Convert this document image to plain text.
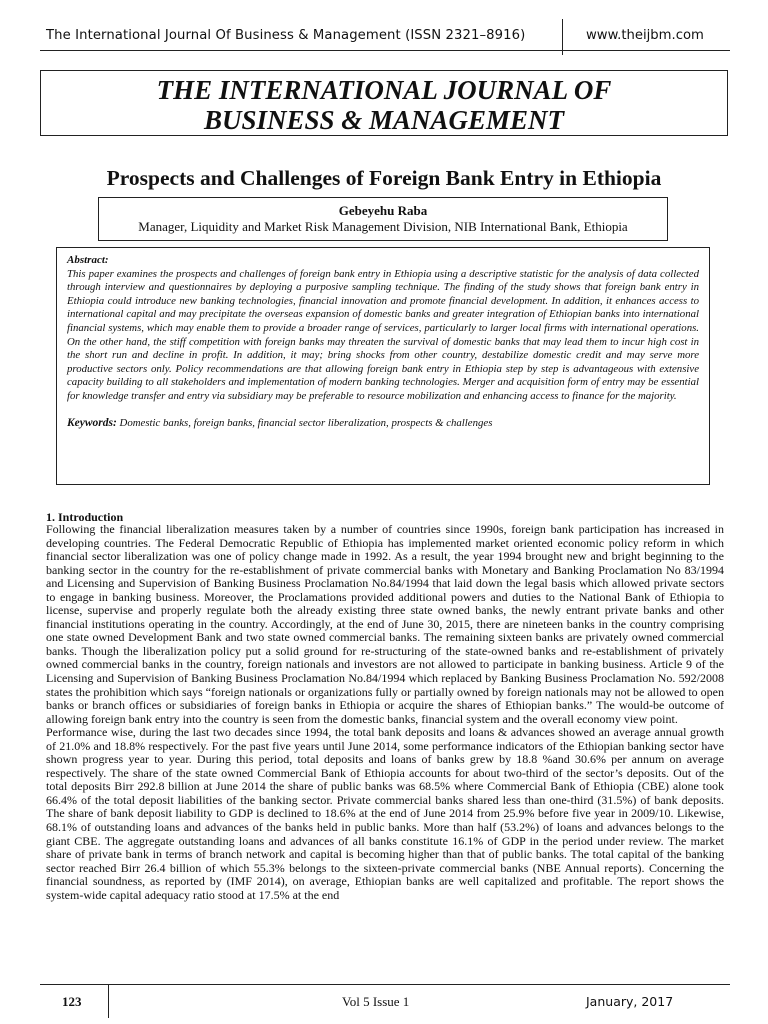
The International Journal Of Business & Management (ISSN 2321–8916)	www.theijbm.com
THE INTERNATIONAL JOURNAL OF
BUSINESS & MANAGEMENT
Prospects and Challenges of Foreign Bank Entry in Ethiopia
Gebeyehu Raba
Manager, Liquidity and Market Risk Management Division, NIB International Bank, Ethiopia
Abstract:
This paper examines the prospects and challenges of foreign bank entry in Ethiopia using a descriptive statistic for the analysis of data collected through interview and questionnaires by deploying a purposive sampling technique. The finding of the study shows that foreign bank entry in Ethiopia could introduce new banking technologies, financial innovation and promote financial development. In addition, it enhances access to international capital and may precipitate the overseas expansion of domestic banks and greater integration of Ethiopian banks into international financial systems, which may enable them to provide a broader range of services, particularly to larger local firms with international operations. On the other hand, the stiff competition with foreign banks may threaten the survival of domestic banks that may lead them to incur high cost in the short run and decline in profit. In addition, it may; bring shocks from other country, destabilize domestic credit and may serve more productive sectors only. Policy recommendations are that allowing foreign bank entry in Ethiopia step by step is advantageous with extensive capacity building to all stakeholders and implementation of modern banking technologies. Merger and acquisition form of entry may be essential for knowledge transfer and entry via subsidiary may be preferable to resource mobilization and enhancing access to finance for the majority.
Keywords: Domestic banks, foreign banks, financial sector liberalization, prospects & challenges
1. Introduction

Following the financial liberalization measures taken by a number of countries since 1990s, foreign bank participation has increased in developing countries. The Federal Democratic Republic of Ethiopia has implemented market oriented economic policy reform in which financial sector liberalization was one of policy change made in 1992. As a result, the year 1994 brought new and bright beginning to the banking sector in the country for the re-establishment of private commercial banks with Monetary and Banking Proclamation No 83/1994 and Licensing and Supervision of Banking Business Proclamation No.84/1994 that laid down the legal basis which allowed private sectors to engage in banking business. Moreover, the Proclamations provided additional powers and duties to the National Bank of Ethiopia to license, supervise and properly regulate both the already existing three state owned banks, the newly entrant private banks and other financial institutions operating in the country. Accordingly, at the end of June 30, 2015, there are nineteen banks in the country comprising one state owned Development Bank and two state owned commercial banks. The remaining sixteen banks are privately owned commercial banks. Though the liberalization policy put a solid ground for re-structuring of the state-owned banks and re-establishment of privately owned commercial banks in the country, foreign nationals and investors are not allowed to participate in banking business. Article 9 of the Licensing and Supervision of Banking Business Proclamation No.84/1994 which replaced by Banking Business Proclamation No. 592/2008 states the prohibition which says “foreign nationals or organizations fully or partially owned by foreign nationals may not be allowed to open banks or branch offices or subsidiaries of foreign banks in Ethiopia or acquire the shares of Ethiopian banks.” The would-be outcome of allowing foreign bank entry into the country is seen from the domestic banks, financial system and the overall economy view point.

Performance wise, during the last two decades since 1994, the total bank deposits and loans & advances showed an average annual growth of 21.0% and 18.8% respectively. For the past five years until June 2014, some performance indicators of the Ethiopian banking sector have shown progress year to year. During this period, total deposits and loans of banks grew by 18.8 %and 30.6% per annum on average respectively. The share of the state owned Commercial Bank of Ethiopia accounts for about two-third of the sector’s deposits. Out of the total deposits Birr 292.8 billion at June 2014 the share of public banks was 68.5% where Commercial Bank of Ethiopia (CBE) alone took 66.4% of the total deposit liabilities of the banking sector. Private commercial banks shared less than one-third (31.5%) of bank deposits. The share of bank deposit liability to GDP is declined to 18.6% at the end of June 2014 from 25.9% before five year in 2009/10. Likewise, 68.1% of outstanding loans and advances of the banks held in public banks. More than half (53.2%) of loans and advances belongs to the giant CBE. The aggregate outstanding loans and advances of all banks constitute 16.1% of GDP in the period under review. The market share of private bank in terms of branch network and capital is becoming higher than that of public banks. The total capital of the banking sector reached Birr 26.4 billion of which 55.3% belongs to the sixteen-private commercial banks (NBE Annual reports). Concerning the financial soundness, as reported by (IMF 2014), on average, Ethiopian banks are well capitalized and profitable. The report shows the system-wide capital adequacy ratio stood at 17.5% at the end

123	Vol 5 Issue 1	January, 2017
